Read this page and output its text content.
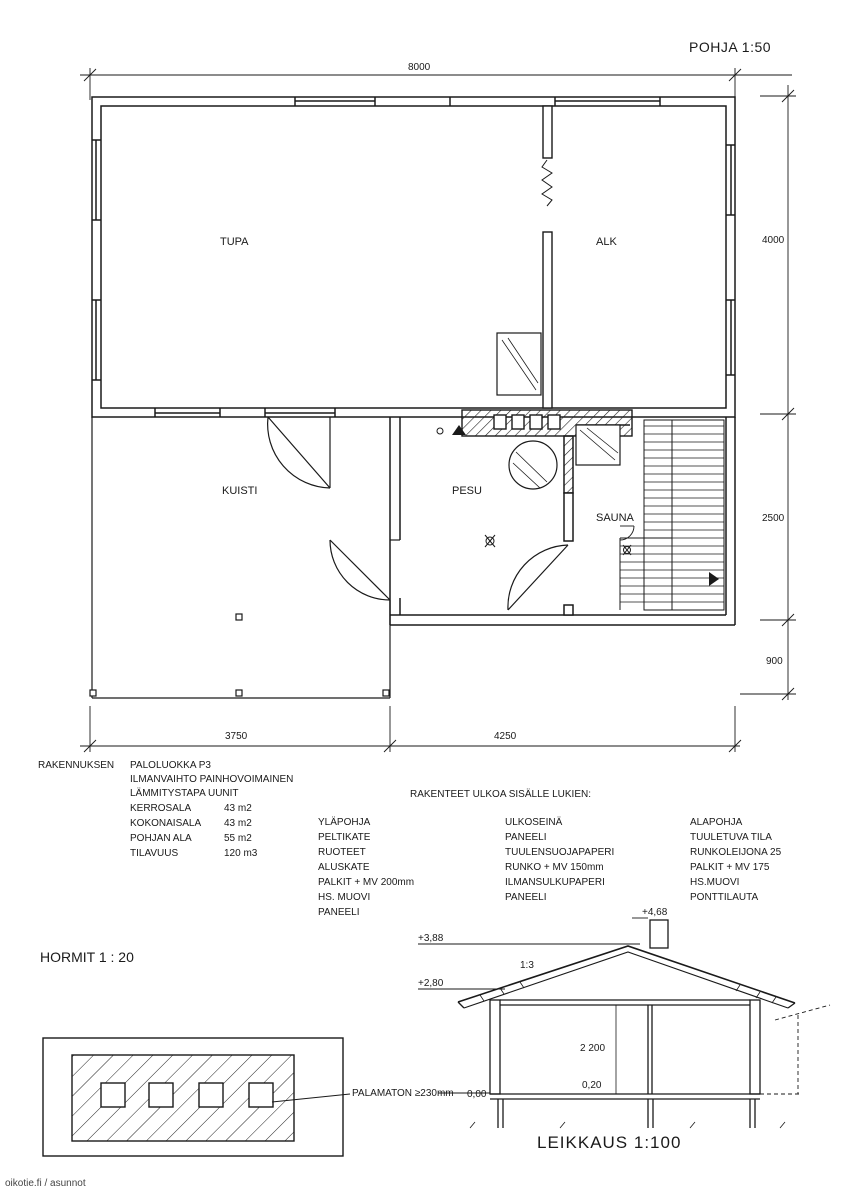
POHJA 1:50
8000
4000
2500
900
3750	4250
TUPA	ALK
KUISTI	PESU
SAUNA
RAKENNUKSEN PALOLUOKKA P3
ILMANVAIHTO PAINHOVOIMAINEN
LÄMMITYSTAPA UUNIT
KERROSALA	43 m2
KOKONAISALA 43 m2
POHJAN ALA	55 m2
TILAVUUS	120 m3
RAKENTEET ULKOA SISÄLLE LUKIEN:
YLÄPOHJA
PELTIKATE
RUOTEET
ALUSKATE
PALKIT + MV 200mm
HS. MUOVI
PANEELI
ULKOSEINÄ
PANEELI
TUULENSUOJAPAPERI
RUNKO + MV 150mm
ILMANSULKUPAPERI
PANEELI
ALAPOHJA
TUULETUVA TILA
RUNKOLEIJONA 25
PALKIT + MV 175
HS.MUOVI
PONTTILAUTA
HORMIT 1 : 20
PALAMATON ≥230mm
+4,68
+3,88
+2,80
1:3
2 200
0,20
0,00
LEIKKAUS 1:100
oikotie.fi / asunnot
